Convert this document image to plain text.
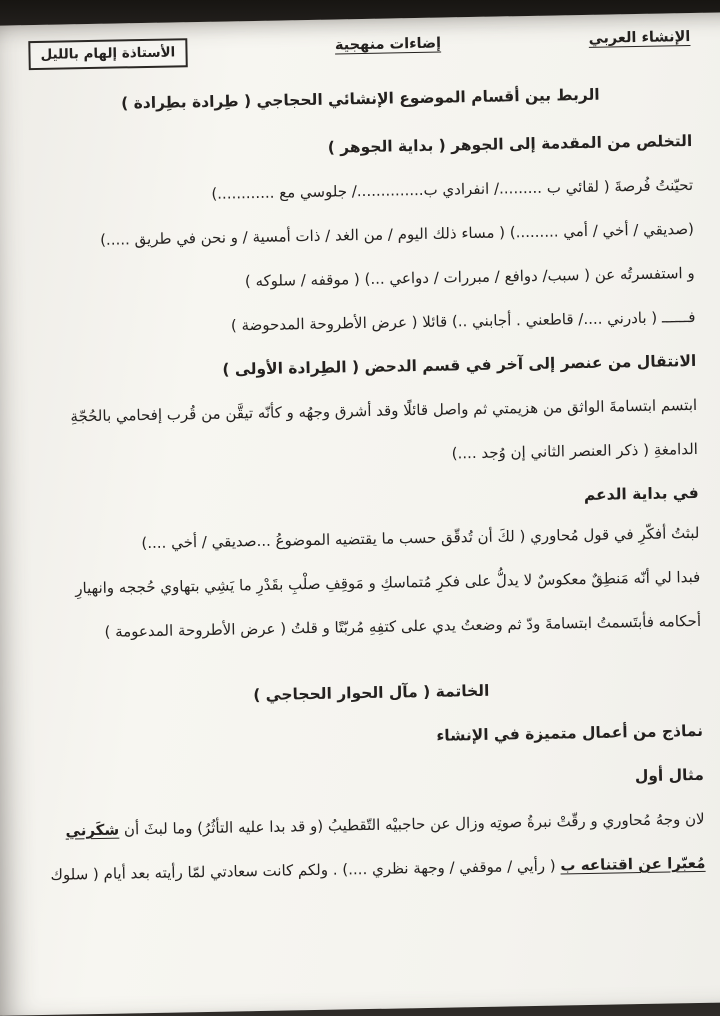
الإنشاء العربي
إضاءات منهجية
الأستاذة إلهام بالليل

الربط بين أقسام الموضوع الإنشائي الحجاجي ( طِرادة بطِرادة )

التخلص من المقدمة إلى الجوهر ( بداية الجوهر )

تحيّنتُ فُرصةَ ( لقائي ب ........./ انفرادي ب............../ جلوسي مع ............)

(صديقي / أخي / أمي .........) ( مساء ذلك اليوم / من الغد / ذات أمسية / و نحن في طريق .....)

و استفسرتُه عن ( سبب/ دوافع / مبررات / دواعي ...) ( موقفه / سلوكه )

فــــــ ( بادرني ..../ قاطعني . أجابني ..) قائلا ( عرض الأطروحة المدحوضة )

الانتقال من عنصر إلى آخر في قسم الدحض ( الطِرادة الأولى )

ابتسم ابتسامةَ الواثق من هزيمتي ثم واصل قائلًا وقد أشرق وجهُه و كأنّه تيقَّن من قُرب إفحامي بالحُجّةِ

الدامغةِ ( ذكر العنصر الثاني إن وُجد ....)

في بداية الدعم

لبثتُ أفكّرِ في قول مُحاوري ( لكَ أن تُدقّق حسب ما يقتضيه الموضوعُ ...صديقي / أخي ....)

فبدا لي أنّه مَنطِقٌ معكوسٌ لا يدلُّ على فكرِ مُتماسكِ و مَوقِفِ صلْبِ بقَدْرِ ما يَشِي بتهاوي حُججه وانهيارِ

أحكامه فأبتَسمتُ ابتسامةَ ودّ ثم وضعتُ يدي على كتفِهِ مُربّتًا و قلتُ ( عرض الأطروحة المدعومة )

الخاتمة ( مآل الحوار الحجاجي )

نماذج من أعمال متميزة في الإنشاء

مثال أول

لان وجهُ مُحاوري و رقّتْ نبرةُ صوتِه وزال عن حاجبيْه التّقطيبُ (و قد بدا عليه التأثُرُ) وما لبثَ أن شكَرني

مُعبّرا عن اقتناعه ب ( رأيي / موقفي / وجهة نظري ....) . ولكم كانت سعادتي لمّا رأيته بعد أيام ( سلوك
